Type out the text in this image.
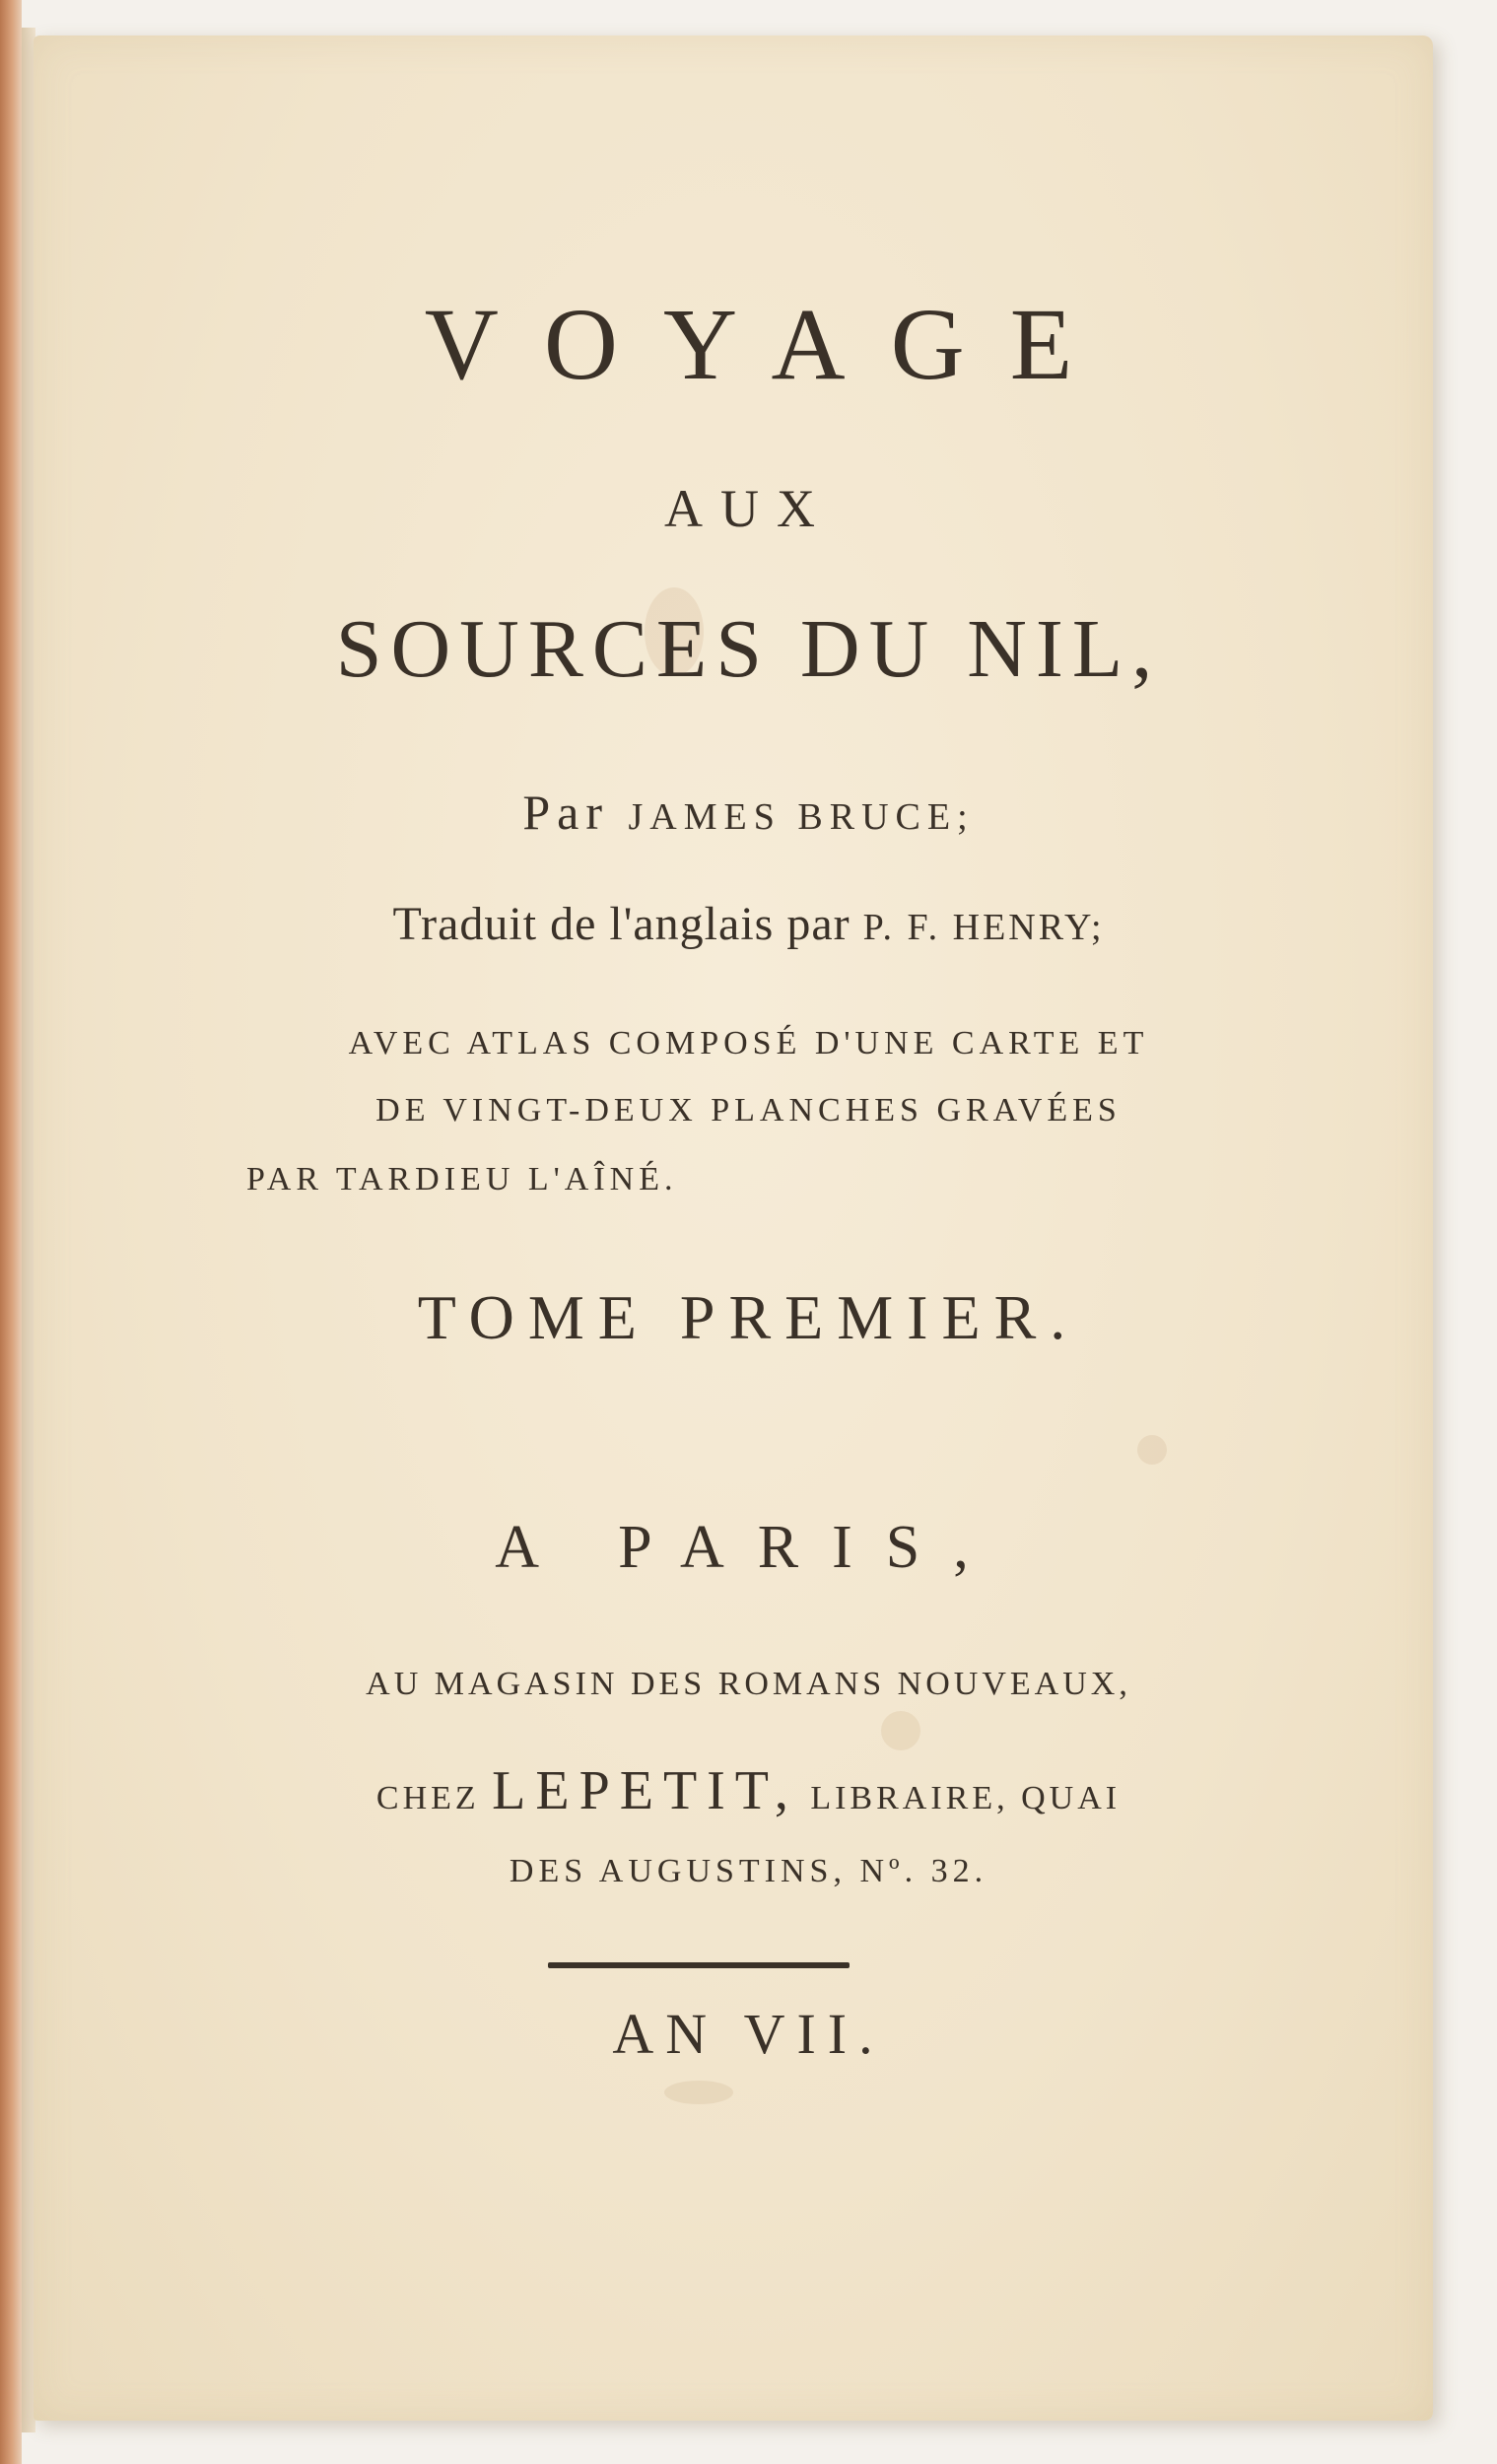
VOYAGE
AUX
SOURCES DU NIL,
Par JAMES BRUCE;
Traduit de l'anglais par P. F. HENRY;
AVEC ATLAS COMPOSÉ D'UNE CARTE ET
DE VINGT-DEUX PLANCHES GRAVÉES
PAR TARDIEU L'AÎNÉ.
TOME PREMIER.
A PARIS,
AU MAGASIN DES ROMANS NOUVEAUX,
CHEZ LEPETIT, LIBRAIRE, QUAI
DES AUGUSTINS, Nº. 32.
AN VII.
